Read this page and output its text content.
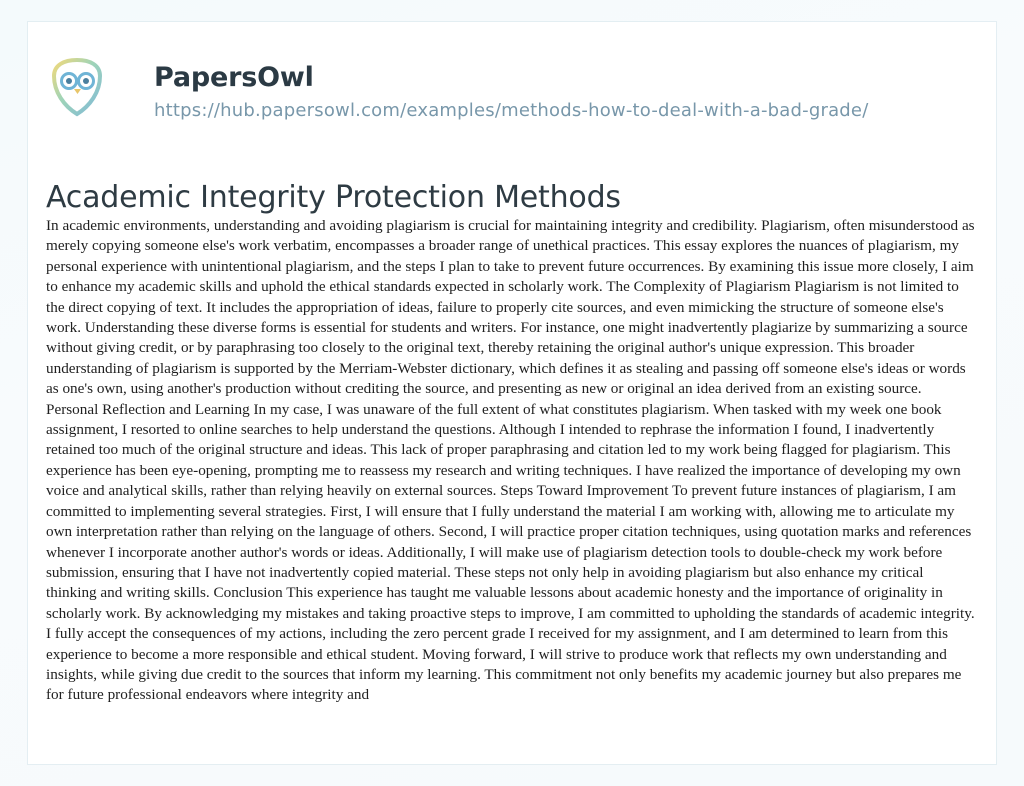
PapersOwl
https://hub.papersowl.com/examples/methods-how-to-deal-with-a-bad-grade/
Academic Integrity Protection Methods
In academic environments, understanding and avoiding plagiarism is crucial for maintaining integrity and credibility. Plagiarism, often misunderstood as merely copying someone else's work verbatim, encompasses a broader range of unethical practices. This essay explores the nuances of plagiarism, my personal experience with unintentional plagiarism, and the steps I plan to take to prevent future occurrences. By examining this issue more closely, I aim to enhance my academic skills and uphold the ethical standards expected in scholarly work. The Complexity of Plagiarism Plagiarism is not limited to the direct copying of text. It includes the appropriation of ideas, failure to properly cite sources, and even mimicking the structure of someone else's work. Understanding these diverse forms is essential for students and writers. For instance, one might inadvertently plagiarize by summarizing a source without giving credit, or by paraphrasing too closely to the original text, thereby retaining the original author's unique expression. This broader understanding of plagiarism is supported by the Merriam-Webster dictionary, which defines it as stealing and passing off someone else's ideas or words as one's own, using another's production without crediting the source, and presenting as new or original an idea derived from an existing source. Personal Reflection and Learning In my case, I was unaware of the full extent of what constitutes plagiarism. When tasked with my week one book assignment, I resorted to online searches to help understand the questions. Although I intended to rephrase the information I found, I inadvertently retained too much of the original structure and ideas. This lack of proper paraphrasing and citation led to my work being flagged for plagiarism. This experience has been eye-opening, prompting me to reassess my research and writing techniques. I have realized the importance of developing my own voice and analytical skills, rather than relying heavily on external sources. Steps Toward Improvement To prevent future instances of plagiarism, I am committed to implementing several strategies. First, I will ensure that I fully understand the material I am working with, allowing me to articulate my own interpretation rather than relying on the language of others. Second, I will practice proper citation techniques, using quotation marks and references whenever I incorporate another author's words or ideas. Additionally, I will make use of plagiarism detection tools to double-check my work before submission, ensuring that I have not inadvertently copied material. These steps not only help in avoiding plagiarism but also enhance my critical thinking and writing skills. Conclusion This experience has taught me valuable lessons about academic honesty and the importance of originality in scholarly work. By acknowledging my mistakes and taking proactive steps to improve, I am committed to upholding the standards of academic integrity. I fully accept the consequences of my actions, including the zero percent grade I received for my assignment, and I am determined to learn from this experience to become a more responsible and ethical student. Moving forward, I will strive to produce work that reflects my own understanding and insights, while giving due credit to the sources that inform my learning. This commitment not only benefits my academic journey but also prepares me for future professional endeavors where integrity and
